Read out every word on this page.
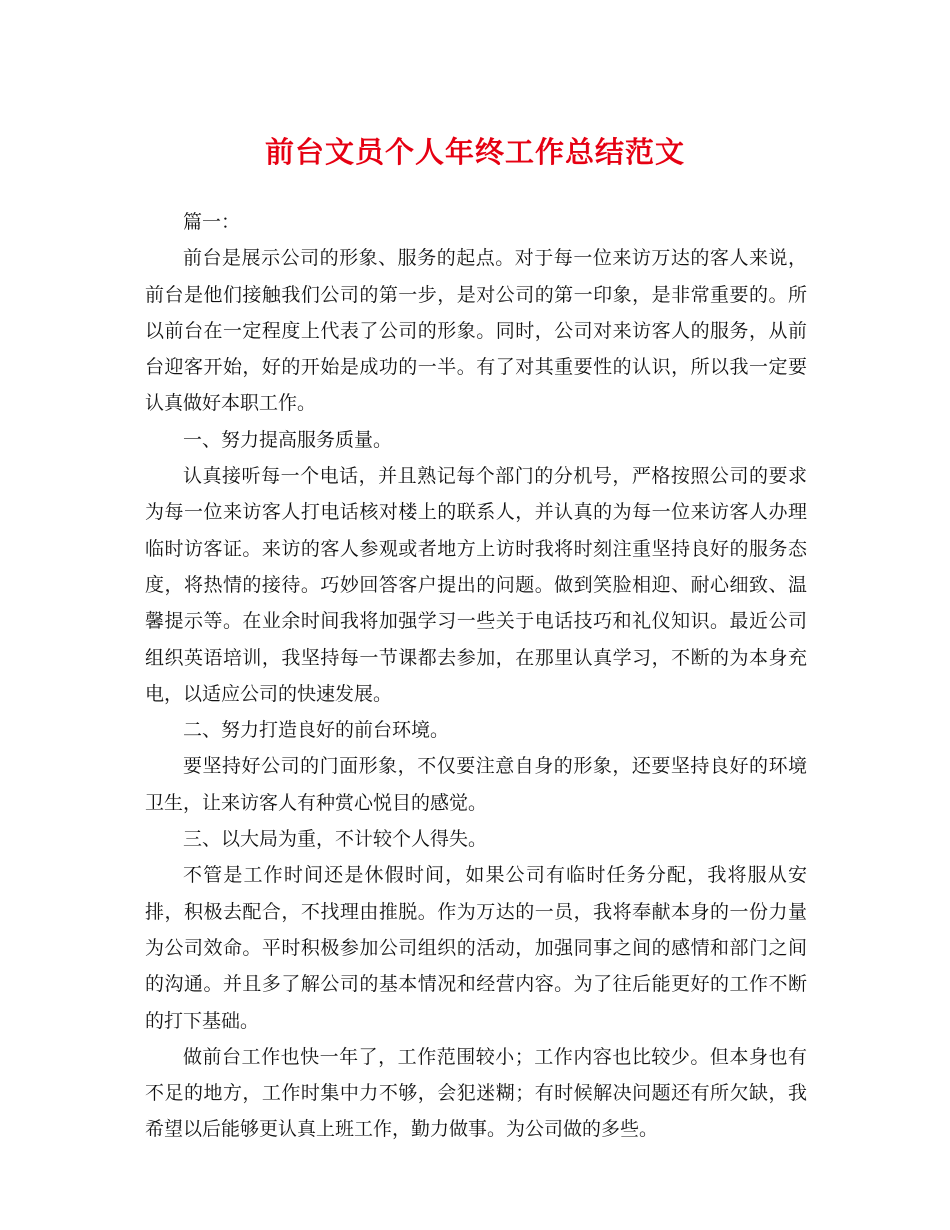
前台文员个人年终工作总结范文

篇一：

前台是展示公司的形象、服务的起点。对于每一位来访万达的客人来说，前台是他们接触我们公司的第一步，是对公司的第一印象，是非常重要的。所以前台在一定程度上代表了公司的形象。同时，公司对来访客人的服务，从前台迎客开始，好的开始是成功的一半。有了对其重要性的认识，所以我一定要认真做好本职工作。

一、努力提高服务质量。

认真接听每一个电话，并且熟记每个部门的分机号，严格按照公司的要求为每一位来访客人打电话核对楼上的联系人，并认真的为每一位来访客人办理临时访客证。来访的客人参观或者地方上访时我将时刻注重坚持良好的服务态度，将热情的接待。巧妙回答客户提出的问题。做到笑脸相迎、耐心细致、温馨提示等。在业余时间我将加强学习一些关于电话技巧和礼仪知识。最近公司组织英语培训，我坚持每一节课都去参加，在那里认真学习，不断的为本身充电，以适应公司的快速发展。

二、努力打造良好的前台环境。

要坚持好公司的门面形象，不仅要注意自身的形象，还要坚持良好的环境卫生，让来访客人有种赏心悦目的感觉。

三、以大局为重，不计较个人得失。

不管是工作时间还是休假时间，如果公司有临时任务分配，我将服从安排，积极去配合，不找理由推脱。作为万达的一员，我将奉献本身的一份力量为公司效命。平时积极参加公司组织的活动，加强同事之间的感情和部门之间的沟通。并且多了解公司的基本情况和经营内容。为了往后能更好的工作不断的打下基础。

做前台工作也快一年了，工作范围较小；工作内容也比较少。但本身也有不足的地方，工作时集中力不够，会犯迷糊；有时候解决问题还有所欠缺，我希望以后能够更认真上班工作，勤力做事。为公司做的多些。
